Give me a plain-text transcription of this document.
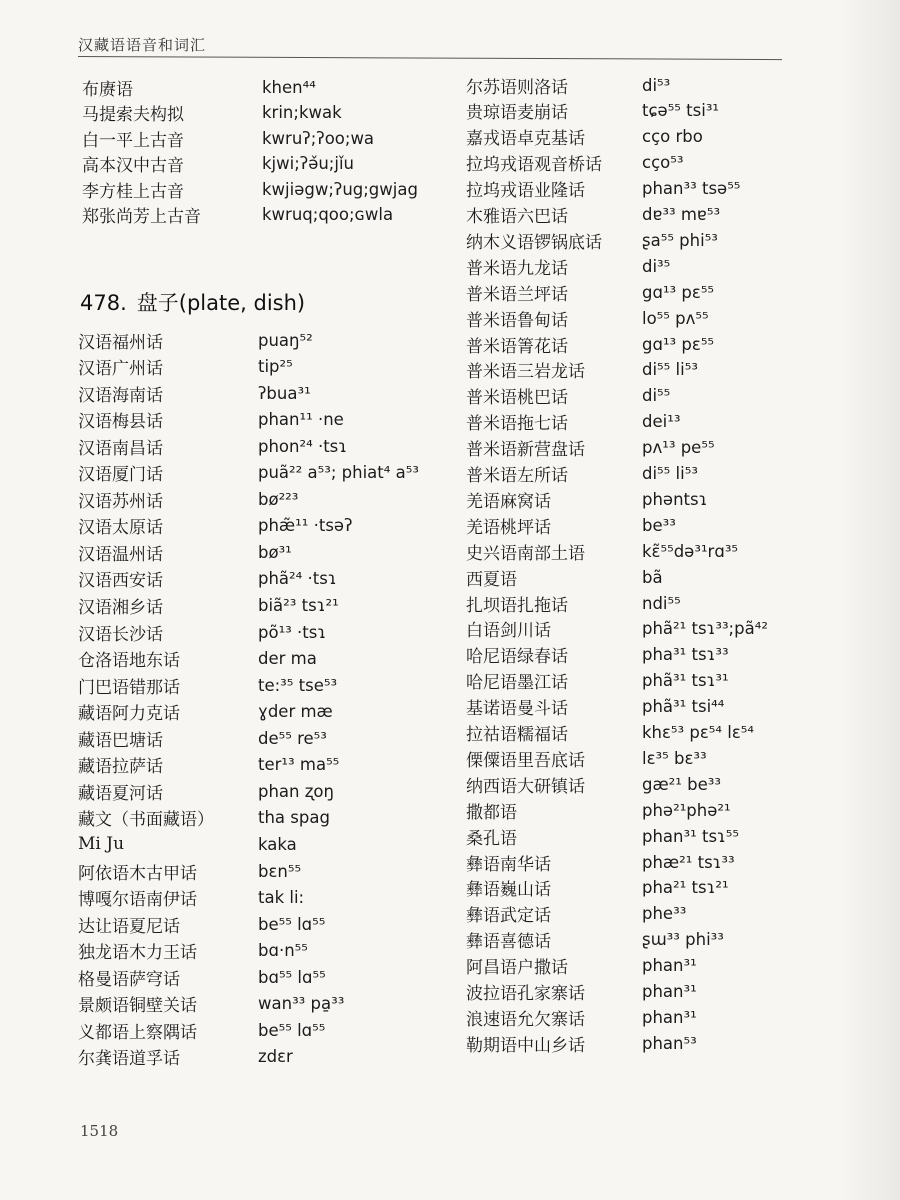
汉藏语语音和词汇
布赓语	khen⁴⁴
马提索夫构拟	krin;kwak
白一平上古音	kwruʔ;ʔoo;wa
高本汉中古音	kjwi;ʔǝ̌u;jǐu
李方桂上古音	kwjiəgw;ʔug;gwjag
郑张尚芳上古音	kwruq;qoo;ɢwla
478. 盘子(plate, dish)
汉语福州话	puaŋ⁵²
汉语广州话	tip²⁵
汉语海南话	ʔbua³¹
汉语梅县话	phan¹¹ ·ne
汉语南昌话	phon²⁴ ·tsɿ
汉语厦门话	puã²² a⁵³; phiat⁴ a⁵³
汉语苏州话	bø²²³
汉语太原话	phæ̃¹¹ ·tsəʔ
汉语温州话	bø³¹
汉语西安话	phã²⁴ ·tsɿ
汉语湘乡话	biã²³ tsɿ²¹
汉语长沙话	põ¹³ ·tsɿ
仓洛语地东话	der ma
门巴语错那话	te:³⁵ tse⁵³
藏语阿力克话	ɣder mæ
藏语巴塘话	de⁵⁵ re⁵³
藏语拉萨话	ter¹³ ma⁵⁵
藏语夏河话	phan ʐoŋ
藏文（书面藏语）	tha spag
Mi Ju	kaka
阿依语木古甲话	bɛn⁵⁵
博嘎尔语南伊话	tak li:
达让语夏尼话	be⁵⁵ lɑ⁵⁵
独龙语木力王话	bɑ·n⁵⁵
格曼语萨穹话	bɑ⁵⁵ lɑ⁵⁵
景颇语铜壁关话	wan³³ pa̱³³
义都语上察隅话	be⁵⁵ lɑ⁵⁵
尔龚语道孚话	zdɛr
尔苏语则洛话	di⁵³
贵琼语麦崩话	tɕə⁵⁵ tsi³¹
嘉戎语卓克基话	cço rbo
拉坞戎语观音桥话 cço⁵³
拉坞戎语业隆话	phan³³ tsə⁵⁵
木雅语六巴话	dɐ³³ mɐ⁵³
纳木义语锣锅底话 ʂa⁵⁵ phi⁵³
普米语九龙话	di³⁵
普米语兰坪话	gɑ¹³ pɛ⁵⁵
普米语鲁甸话	lo⁵⁵ pʌ⁵⁵
普米语箐花话	gɑ¹³ pɛ⁵⁵
普米语三岩龙话	di⁵⁵ li⁵³
普米语桃巴话	di⁵⁵
普米语拖七话	dei¹³
普米语新营盘话	pʌ¹³ pe⁵⁵
普米语左所话	di⁵⁵ li⁵³
羌语麻窝话	phəntsɿ
羌语桃坪话	be³³
史兴语南部土语	kɛ̃⁵⁵də³¹rɑ³⁵
西夏语	bã
扎坝语扎拖话	ndi⁵⁵
白语剑川话	phã²¹ tsɿ³³;pã⁴²
哈尼语绿春话	pha³¹ tsɿ³³
哈尼语墨江话	phã³¹ tsɿ³¹
基诺语曼斗话	phã³¹ tsi⁴⁴
拉祜语糯福话	khɛ⁵³ pɛ⁵⁴ lɛ⁵⁴
傈僳语里吾底话	lɛ³⁵ bɛ³³
纳西语大研镇话	gæ²¹ be³³
撒都语	phə²¹phə²¹
桑孔语	phan³¹ tsɿ⁵⁵
彝语南华话	phæ²¹ tsɿ³³
彝语巍山话	pha²¹ tsɿ²¹
彝语武定话	phe³³
彝语喜德话	ʂɯ³³ phi³³
阿昌语户撒话	phan³¹
波拉语孔家寨话	phan³¹
浪速语允欠寨话	phan³¹
勒期语中山乡话	phan⁵³
1518
